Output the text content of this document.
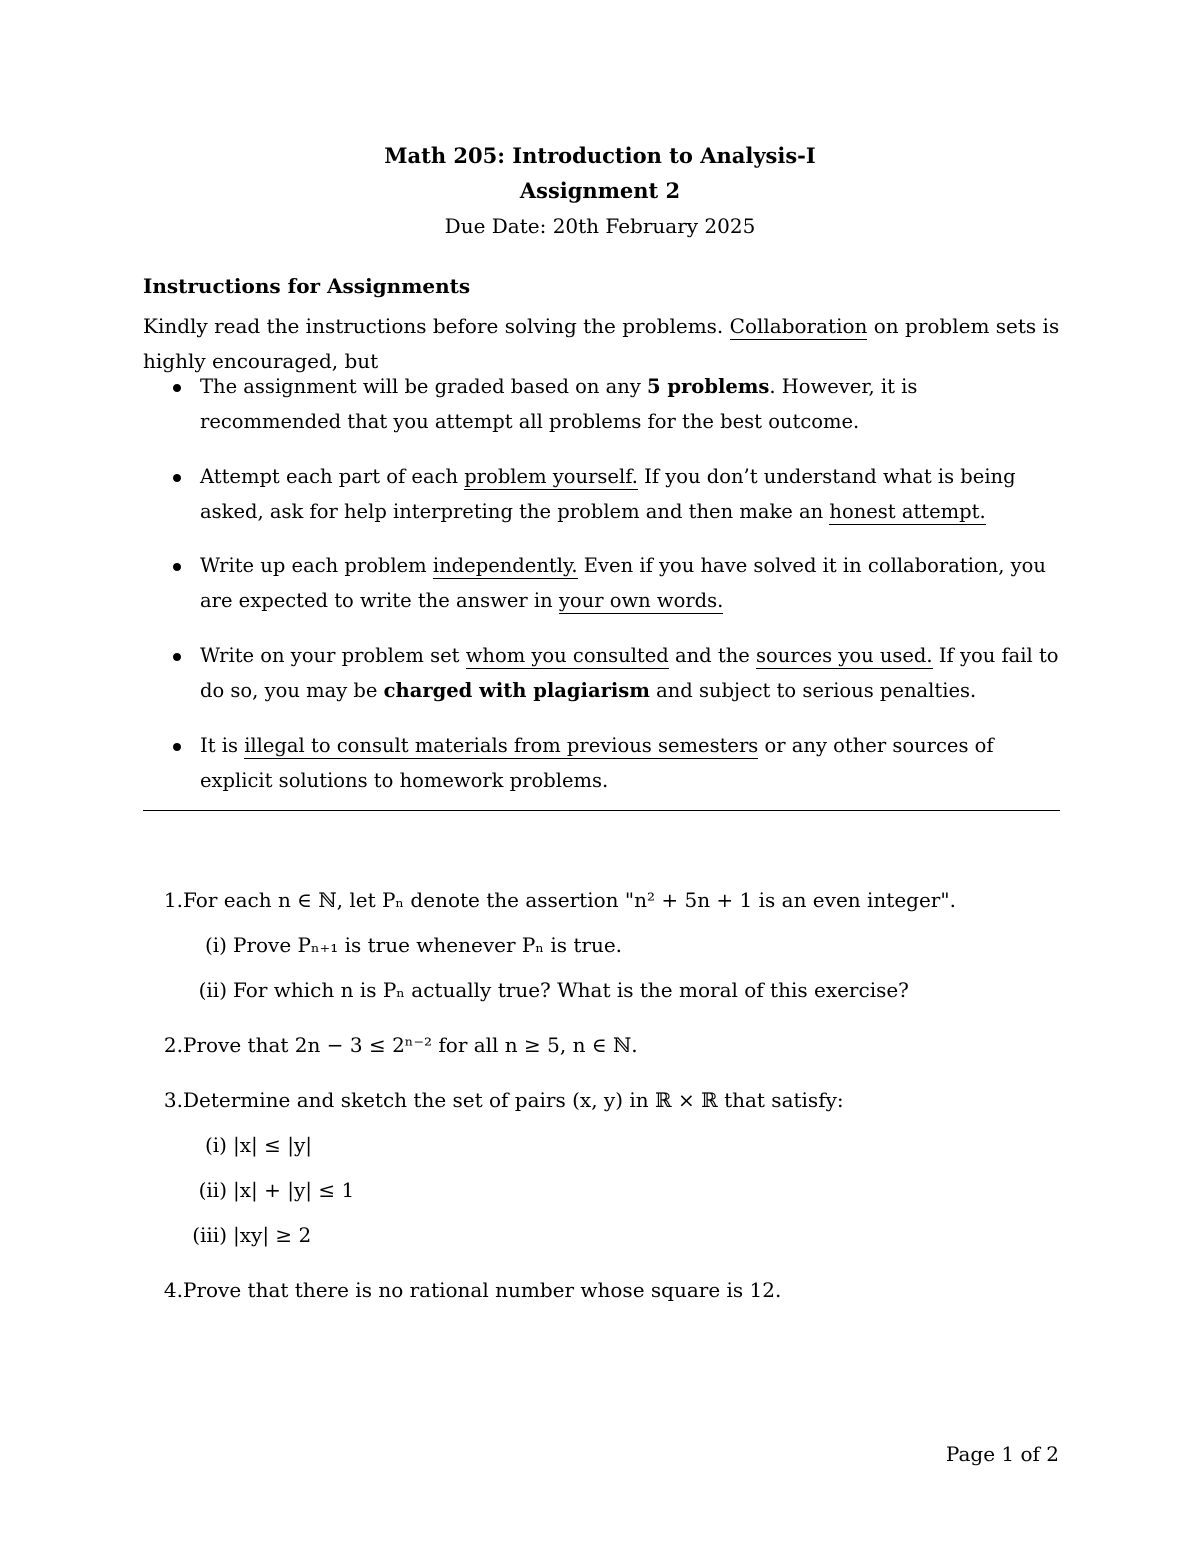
Math 205: Introduction to Analysis-I
Assignment 2
Due Date: 20th February 2025
Instructions for Assignments
Kindly read the instructions before solving the problems. Collaboration on problem sets is highly encouraged, but
The assignment will be graded based on any 5 problems. However, it is recommended that you attempt all problems for the best outcome.
Attempt each part of each problem yourself. If you don’t understand what is being asked, ask for help interpreting the problem and then make an honest attempt.
Write up each problem independently. Even if you have solved it in collaboration, you are expected to write the answer in your own words.
Write on your problem set whom you consulted and the sources you used. If you fail to do so, you may be charged with plagiarism and subject to serious penalties.
It is illegal to consult materials from previous semesters or any other sources of explicit solutions to homework problems.
1. For each n ∈ ℕ, let Pₙ denote the assertion "n² + 5n + 1 is an even integer".
(i) Prove Pₙ₊₁ is true whenever Pₙ is true.
(ii) For which n is Pₙ actually true? What is the moral of this exercise?
2. Prove that 2n − 3 ≤ 2ⁿ⁻² for all n ≥ 5, n ∈ ℕ.
3. Determine and sketch the set of pairs (x, y) in ℝ × ℝ that satisfy:
(i) |x| ≤ |y|
(ii) |x| + |y| ≤ 1
(iii) |xy| ≥ 2
4. Prove that there is no rational number whose square is 12.
Page 1 of 2
